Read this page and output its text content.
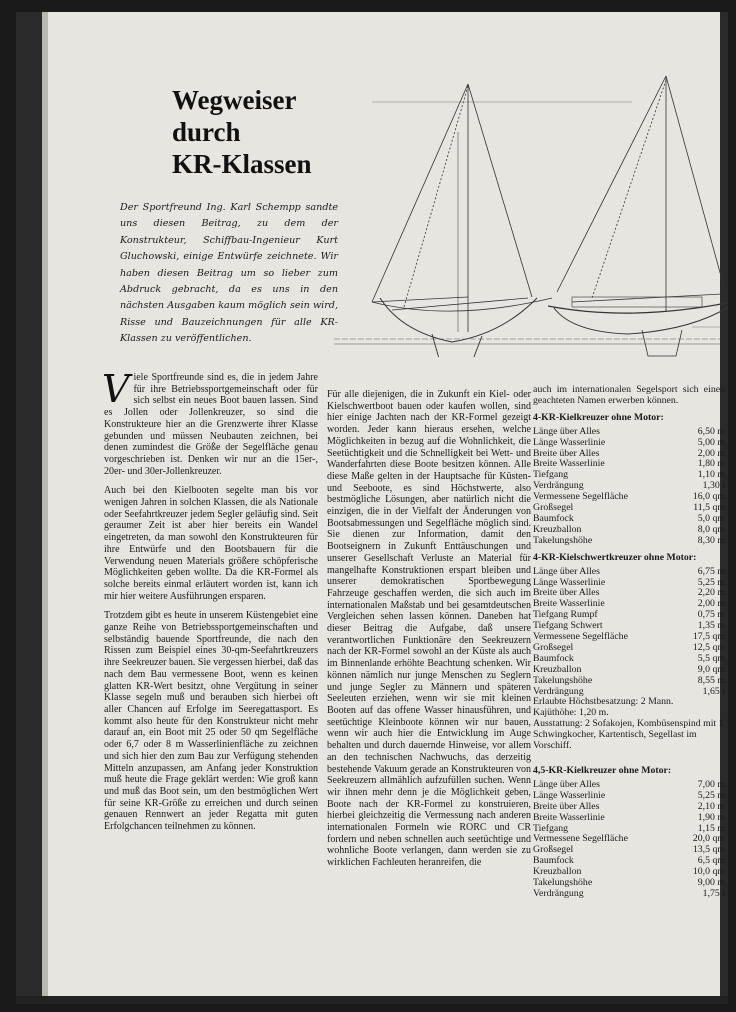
Wegweiser
durch
KR-Klassen
Der Sportfreund Ing. Karl Schempp sandte uns diesen Beitrag, zu dem der Konstrukteur, Schiffbau-Ingenieur Kurt Gluchowski, einige Entwürfe zeichnete. Wir haben diesen Beitrag um so lieber zum Abdruck gebracht, da es uns in den nächsten Ausgaben kaum möglich sein wird, Risse und Bauzeichnungen für alle KR-Klassen zu veröffentlichen.

Viele Sportfreunde sind es, die in jedem Jahre für ihre Betriebssportgemeinschaft oder für sich selbst ein neues Boot bauen lassen. Sind es Jollen oder Jollenkreuzer, so sind die Konstrukteure hier an die Grenzwerte ihrer Klasse gebunden und müssen Neubauten zeichnen, bei denen zumindest die Größe der Segelfläche genau vorgeschrieben ist. Denken wir nur an die 15er-, 20er- und 30er-Jollenkreuzer.

Auch bei den Kielbooten segelte man bis vor wenigen Jahren in solchen Klassen, die als Nationale oder Seefahrtkreuzer jedem Segler geläufig sind. Seit geraumer Zeit ist aber hier bereits ein Wandel eingetreten, da man sowohl den Konstrukteuren für ihre Entwürfe und den Bootsbauern für die Verwendung neuen Materials größere schöpferische Möglichkeiten geben wollte. Da die KR-Formel als solche bereits einmal erläutert worden ist, kann ich mir hier weitere Ausführungen ersparen.

Trotzdem gibt es heute in unserem Küstengebiet eine ganze Reihe von Betriebssportgemeinschaften und selbständig bauende Sportfreunde, die nach den Rissen zum Beispiel eines 30-qm-Seefahrtkreuzers ihre Seekreuzer bauen. Sie vergessen hierbei, daß das nach dem Bau vermessene Boot, wenn es keinen glatten KR-Wert besitzt, ohne Vergütung in seiner Klasse segeln muß und berauben sich hierbei oft aller Chancen auf Erfolge im Seeregattasport. Es kommt also heute für den Konstrukteur nicht mehr darauf an, ein Boot mit 25 oder 50 qm Segelfläche oder 6,7 oder 8 m Wasserlinienfläche zu zeichnen und sich hier den zum Bau zur Verfügung stehenden Mitteln anzupassen, am Anfang jeder Konstruktion muß heute die Frage geklärt werden: Wie groß kann und muß das Boot sein, um den bestmöglichen Wert für seine KR-Größe zu erreichen und durch seinen genauen Rennwert an jeder Regatta mit guten Erfolgchancen teilnehmen zu können.

Für alle diejenigen, die in Zukunft ein Kiel- oder Kielschwertboot bauen oder kaufen wollen, sind hier einige Jachten nach der KR-Formel gezeigt worden. Jeder kann hieraus ersehen, welche Möglichkeiten in bezug auf die Wohnlichkeit, die Seetüchtigkeit und die Schnelligkeit bei Wett- und Wanderfahrten diese Boote besitzen können. Alle diese Maße gelten in der Hauptsache für Küsten- und Seeboote, es sind Höchstwerte, also bestmögliche Lösungen, aber natürlich nicht die einzigen, die in der Vielfalt der Änderungen von Bootsabmessungen und Segelfläche möglich sind. Sie dienen zur Information, damit den Bootseignern in Zukunft Enttäuschungen und unserer Gesellschaft Verluste an Material für mangelhafte Konstruktionen erspart bleiben und unserer demokratischen Sportbewegung Fahrzeuge geschaffen werden, die sich auch im internationalen Maßstab und bei gesamtdeutschen Vergleichen sehen lassen können. Daneben hat dieser Beitrag die Aufgabe, daß unsere verantwortlichen Funktionäre den Seekreuzern nach der KR-Formel sowohl an der Küste als auch im Binnenlande erhöhte Beachtung schenken. Wir können nämlich nur junge Menschen zu Seglern und junge Segler zu Männern und späteren Seeleuten erziehen, wenn wir sie mit kleinen Booten auf das offene Wasser hinausführen, und seetüchtige Kleinboote können wir nur bauen, wenn wir auch hier die Entwicklung im Auge behalten und durch dauernde Hinweise, vor allem an den technischen Nachwuchs, das derzeitig bestehende Vakuum gerade an Konstrukteuren von Seekreuzern allmählich aufzufüllen suchen. Wenn wir ihnen mehr denn je die Möglichkeit geben, Boote nach der KR-Formel zu konstruieren, hierbei gleichzeitig die Vermessung nach anderen internationalen Formeln wie RORC und CR fordern und neben schnellen auch seetüchtige und wohnliche Boote verlangen, dann werden sie zu wirklichen Fachleuten heranreifen, die

auch im internationalen Segelsport sich einen geachteten Namen erwerben können.

4-KR-Kielkreuzer ohne Motor:
Länge über Alles	6,50 m
Länge Wasserlinie	5,00 m
Breite über Alles	2,00 m
Breite Wasserlinie	1,80 m
Tiefgang	1,10 m
Verdrängung	1,30 t
Vermessene Segelfläche	16,0 qm
Großsegel	11,5 qm
Baumfock	5,0 qm
Kreuzballon	8,0 qm
Takelungshöhe	8,30 m
4-KR-Kielschwertkreuzer ohne Motor:
Länge über Alles	6,75 m
Länge Wasserlinie	5,25 m
Breite über Alles	2,20 m
Breite Wasserlinie	2,00 m
Tiefgang Rumpf	0,75 m
Tiefgang Schwert	1,35 m
Vermessene Segelfläche	17,5 qm
Großsegel	12,5 qm
Baumfock	5,5 qm
Kreuzballon	9,0 qm
Takelungshöhe	8,55 m
Verdrängung	1,65 t
Erlaubte Höchstbesatzung: 2 Mann.
Kajüthöhe: 1,20 m.
Ausstattung: 2 Sofakojen, Kombüsenspind mit 1 Schwingkocher, Kartentisch, Segellast im Vorschiff.
4,5-KR-Kielkreuzer ohne Motor:
Länge über Alles	7,00 m
Länge Wasserlinie	5,25 m
Breite über Alles	2,10 m
Breite Wasserlinie	1,90 m
Tiefgang	1,15 m
Vermessene Segelfläche	20,0 qm
Großsegel	13,5 qm
Baumfock	6,5 qm
Kreuzballon	10,0 qm
Takelungshöhe	9,00 m
Verdrängung	1,75 t
